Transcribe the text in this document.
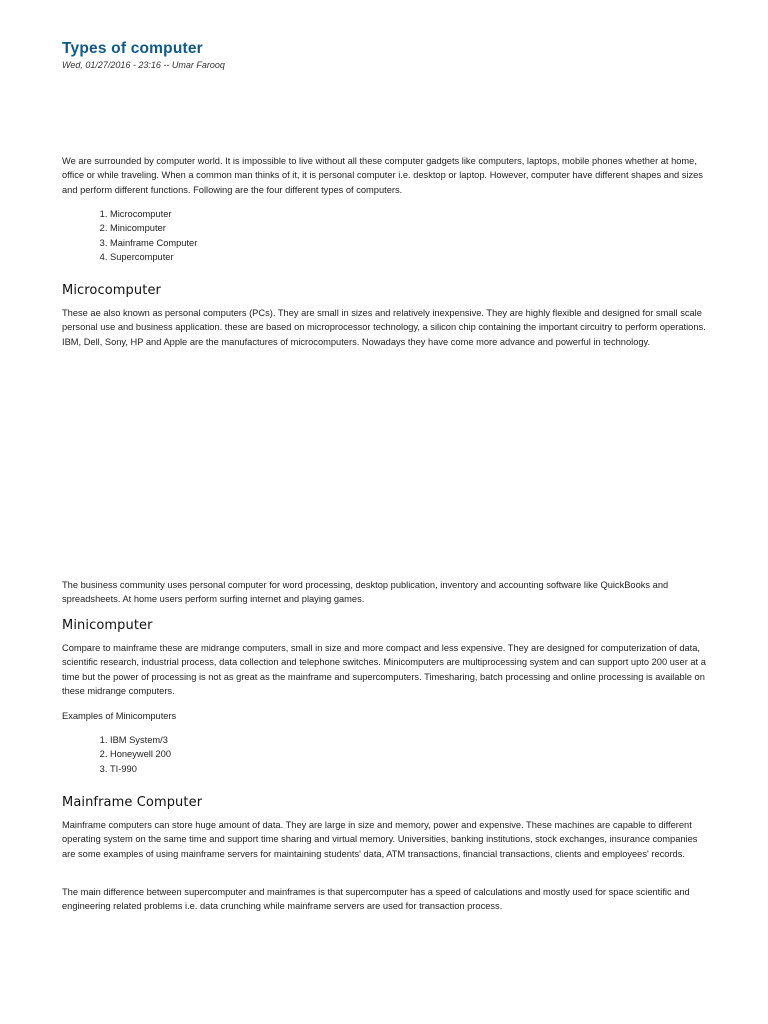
Types of computer
Wed, 01/27/2016 - 23:16 -- Umar Farooq

We are surrounded by computer world. It is impossible to live without all these computer gadgets like computers, laptops, mobile phones whether at home, office or while traveling. When a common man thinks of it, it is personal computer i.e. desktop or laptop. However, computer have different shapes and sizes and perform different functions. Following are the four different types of computers.

1. Microcomputer
2. Minicomputer
3. Mainframe Computer
4. Supercomputer
Microcomputer

These ae also known as personal computers (PCs). They are small in sizes and relatively inexpensive. They are highly flexible and designed for small scale personal use and business application. these are based on microprocessor technology, a silicon chip containing the important circuitry to perform operations. IBM, Dell, Sony, HP and Apple are the manufactures of microcomputers. Nowadays they have come more advance and powerful in technology.

The business community uses personal computer for word processing, desktop publication, inventory and accounting software like QuickBooks and spreadsheets. At home users perform surfing internet and playing games.

Minicomputer

Compare to mainframe these are midrange computers, small in size and more compact and less expensive. They are designed for computerization of data, scientific research, industrial process, data collection and telephone switches. Minicomputers are multiprocessing system and can support upto 200 user at a time but the power of processing is not as great as the mainframe and supercomputers. Timesharing, batch processing and online processing is available on these midrange computers.

Examples of Minicomputers

1. IBM System/3
2. Honeywell 200
3. TI-990
Mainframe Computer

Mainframe computers can store huge amount of data. They are large in size and memory, power and expensive. These machines are capable to different operating system on the same time and support time sharing and virtual memory. Universities, banking institutions, stock exchanges, insurance companies are some examples of using mainframe servers for maintaining students' data, ATM transactions, financial transactions, clients and employees' records.

The main difference between supercomputer and mainframes is that supercomputer has a speed of calculations and mostly used for space scientific and engineering related problems i.e. data crunching while mainframe servers are used for transaction process.
